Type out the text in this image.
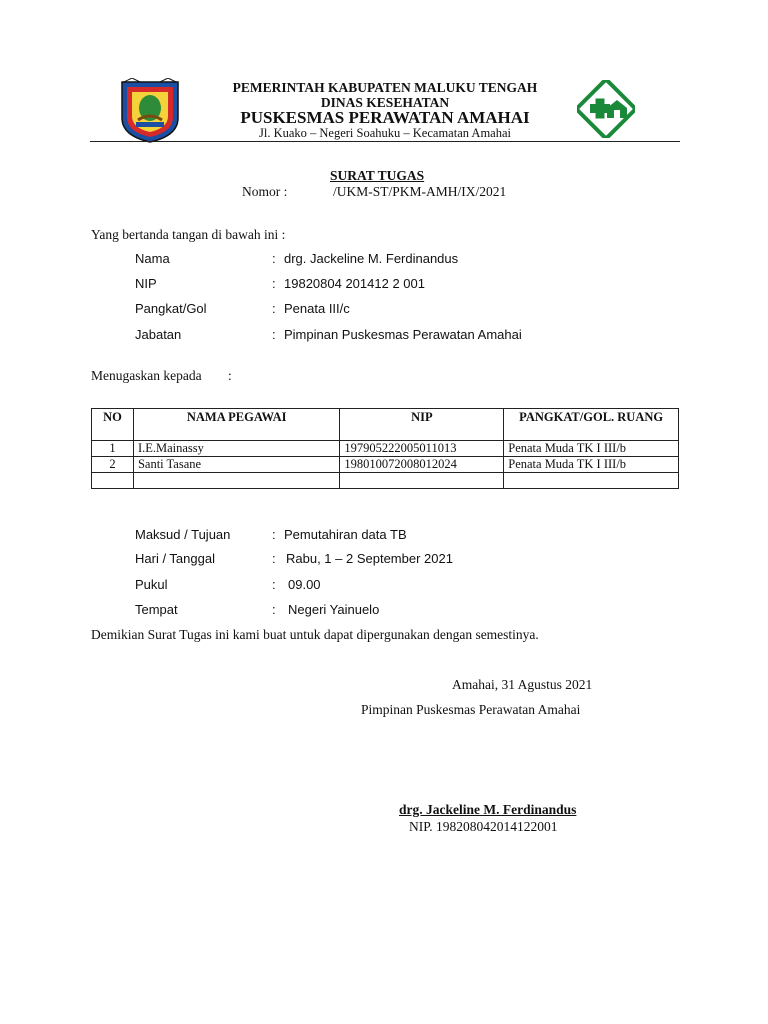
PEMERINTAH KABUPATEN MALUKU TENGAH
DINAS KESEHATAN
PUSKESMAS PERAWATAN AMAHAI
Jl. Kuako – Negeri Soahuku – Kecamatan Amahai
SURAT TUGAS
Nomor :	/UKM-ST/PKM-AMH/IX/2021
Yang bertanda tangan di bawah ini :
Nama	: drg. Jackeline M. Ferdinandus
NIP	: 19820804 201412 2 001
Pangkat/Gol	: Penata III/c
Jabatan	: Pimpinan Puskesmas Perawatan Amahai
Menugaskan kepada :
NO	NAMA PEGAWAI	NIP	PANGKAT/GOL. RUANG
1	I.E.Mainassy	197905222005011013	Penata Muda TK I III/b
2	Santi Tasane	198010072008012024	Penata Muda TK I III/b

Maksud / Tujuan	: Pemutahiran data TB
Hari / Tanggal	: Rabu, 1 – 2 September 2021
Pukul	: 09.00
Tempat	: Negeri Yainuelo
Demikian Surat Tugas ini kami buat untuk dapat dipergunakan dengan semestinya.
Amahai, 31 Agustus 2021
Pimpinan Puskesmas Perawatan Amahai
drg. Jackeline M. Ferdinandus
NIP. 198208042014122001
